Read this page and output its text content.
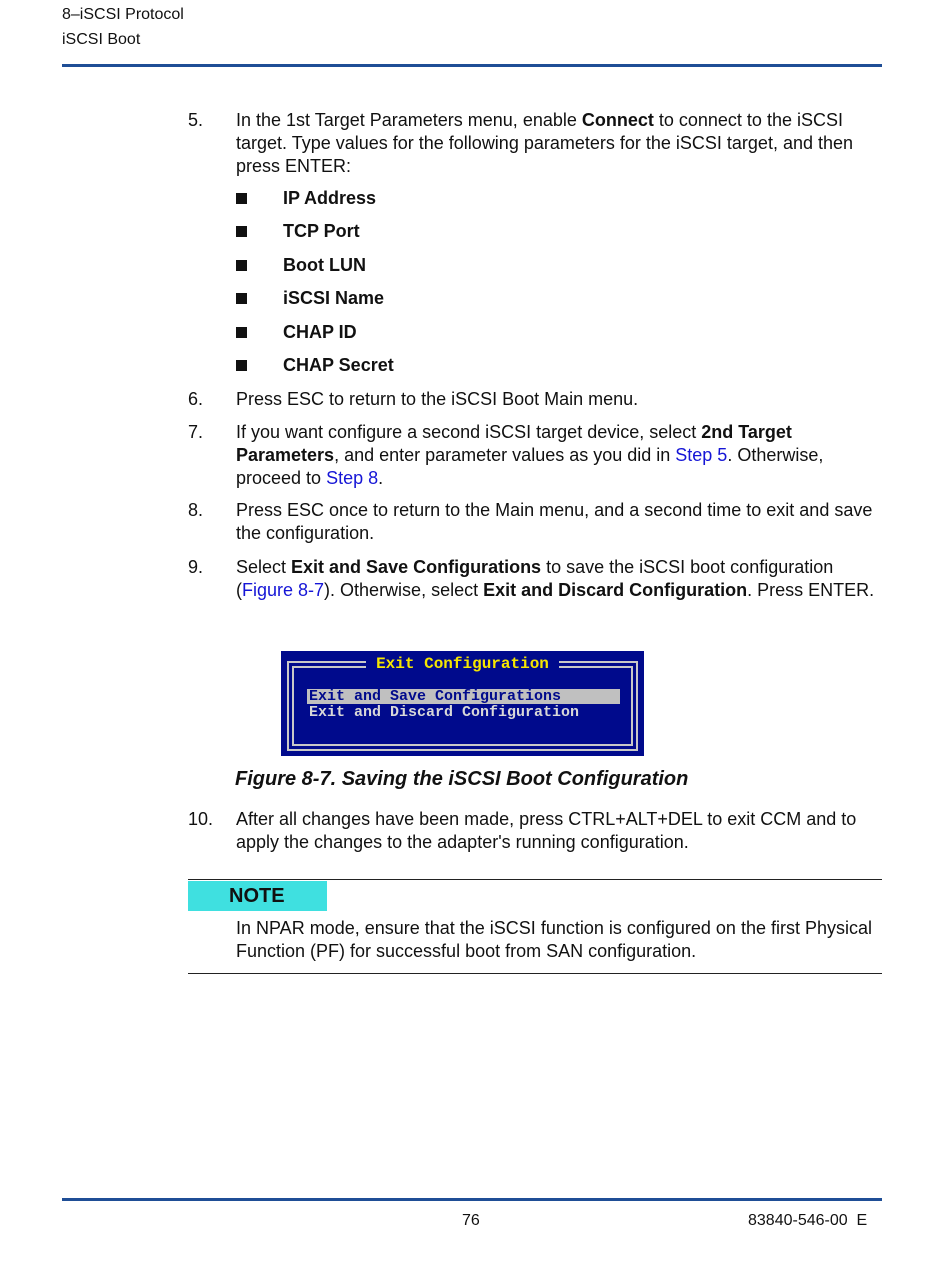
8–iSCSI Protocol
iSCSI Boot
5. In the 1st Target Parameters menu, enable Connect to connect to the iSCSI target. Type values for the following parameters for the iSCSI target, and then press ENTER:
IP Address
TCP Port
Boot LUN
iSCSI Name
CHAP ID
CHAP Secret
6. Press ESC to return to the iSCSI Boot Main menu.
7. If you want configure a second iSCSI target device, select 2nd Target Parameters, and enter parameter values as you did in Step 5. Otherwise, proceed to Step 8.
8. Press ESC once to return to the Main menu, and a second time to exit and save the configuration.
9. Select Exit and Save Configurations to save the iSCSI boot configuration (Figure 8-7). Otherwise, select Exit and Discard Configuration. Press ENTER.
Exit Configuration
Exit and Save Configurations
Exit and Discard Configuration
Figure 8-7. Saving the iSCSI Boot Configuration
10. After all changes have been made, press CTRL+ALT+DEL to exit CCM and to apply the changes to the adapter's running configuration.
NOTE
In NPAR mode, ensure that the iSCSI function is configured on the first Physical Function (PF) for successful boot from SAN configuration.
76	83840-546-00  E
